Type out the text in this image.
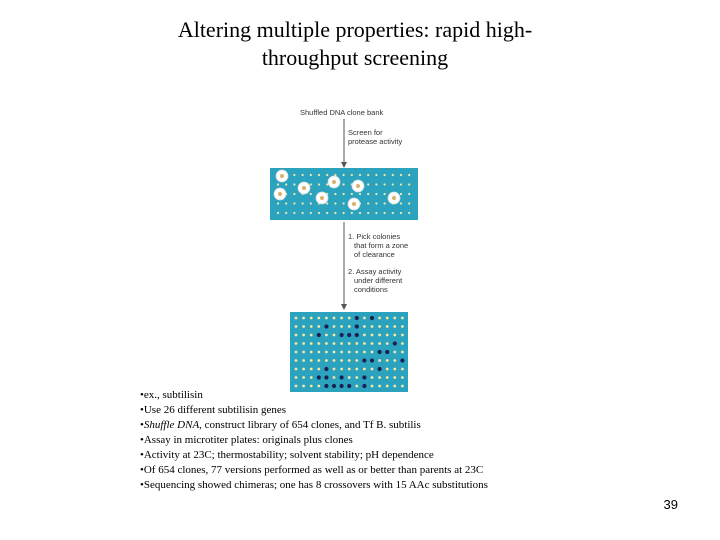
Altering multiple properties: rapid high-
throughput screening
Shuffled DNA clone bank
Screen for
protease activity
1. Pick colonies
that form a zone
of clearance
2. Assay activity
under different
conditions
•ex., subtilisin
•Use 26 different subtilisin genes
•Shuffle DNA, construct library of 654 clones, and Tf B. subtilis
•Assay in microtiter plates: originals plus clones
•Activity at 23C; thermostability; solvent stability; pH dependence
•Of 654 clones, 77 versions performed as well as or better than parents at 23C
•Sequencing showed chimeras; one has 8 crossovers with 15 AAc substitutions
39
